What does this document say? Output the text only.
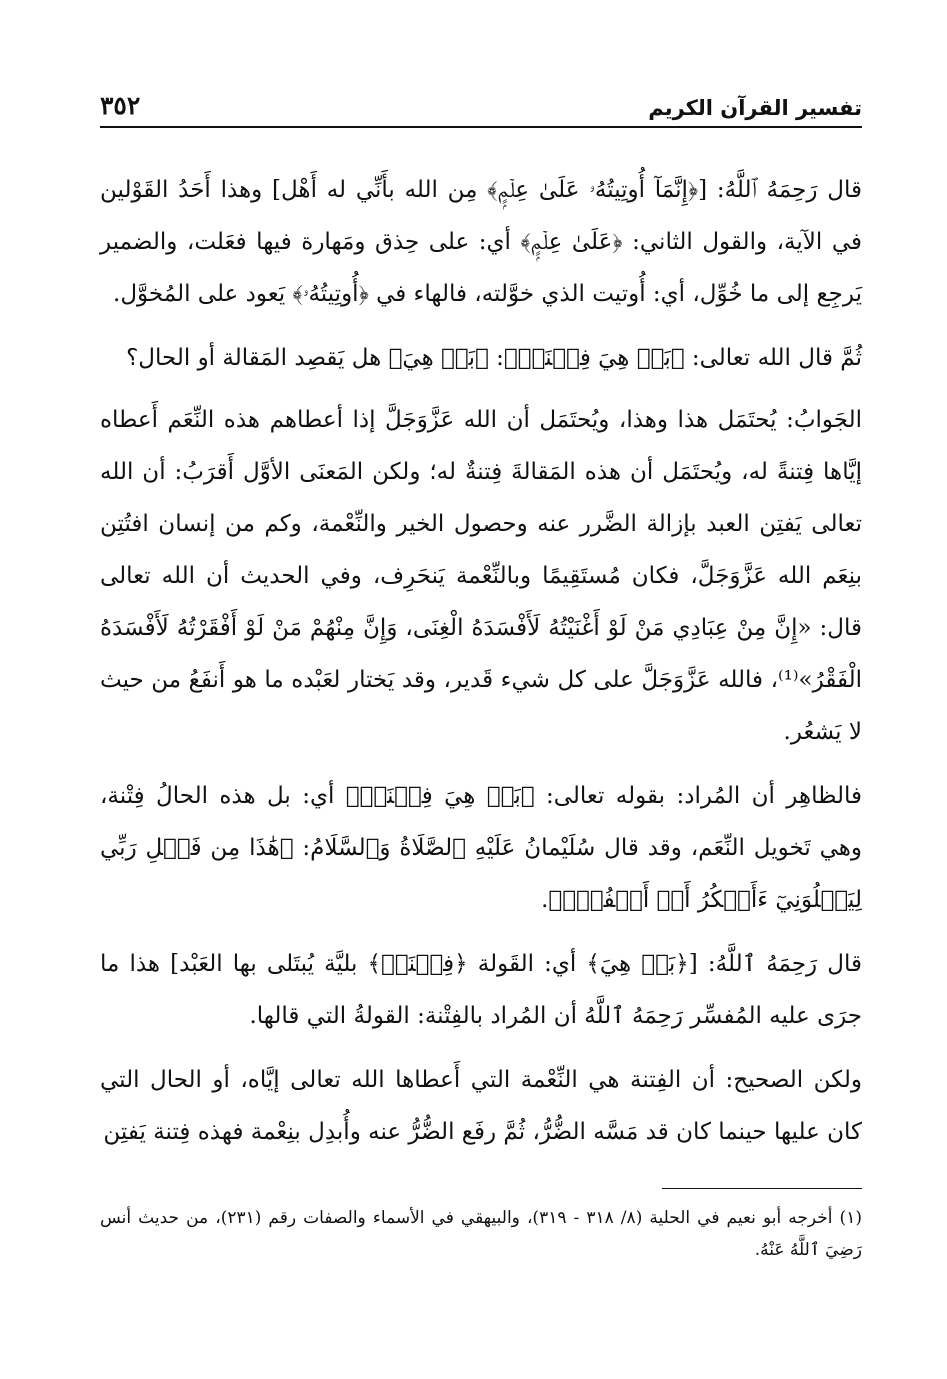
تفسير القرآن الكريم
٣٥٢

قال رَحِمَهُ ٱللَّهُ: [﴿إِنَّمَآ أُوتِيتُهُۥ عَلَىٰ عِلۡمٍۭ﴾ مِن الله بأَنِّي له أَهْل] وهذا أَحَدُ القَوْلين في الآية، والقول الثاني: ﴿عَلَىٰ عِلۡمٍۭ﴾ أي: على حِذق ومَهارة فيها فعَلت، والضمير يَرجِع إلى ما خُوِّل، أي: أُوتيت الذي خوَّلته، فالهاء في ﴿أُوتِيتُهُۥ﴾ يَعود على المُخوَّل.

ثُمَّ قال الله تعالى: ﴿بَلۡ هِيَ فِتۡنَةٞ﴾: ﴿بَلۡ هِيَ﴾ هل يَقصِد المَقالة أو الحال؟

الجَوابُ: يُحتَمَل هذا وهذا، ويُحتَمَل أن الله عَزَّوَجَلَّ إذا أعطاهم هذه النِّعَم أَعطاه إيَّاها فِتنةً له، ويُحتَمَل أن هذه المَقالةَ فِتنةٌ له؛ ولكن المَعنَى الأوَّل أَقرَبُ: أن الله تعالى يَفتِن العبد بإزالة الضَّرر عنه وحصول الخير والنِّعْمة، وكم من إنسان افتُتِن بنِعَم الله عَزَّوَجَلَّ، فكان مُستَقِيمًا وبالنِّعْمة يَنحَرِف، وفي الحديث أن الله تعالى قال: «إِنَّ مِنْ عِبَادِي مَنْ لَوْ أَغْنَيْتُهُ لَأَفْسَدَهُ الْغِنَى، وَإِنَّ مِنْهُمْ مَنْ لَوْ أَفْقَرْتُهُ لَأَفْسَدَهُ الْفَقْرُ»⁽¹⁾، فالله عَزَّوَجَلَّ على كل شيء قَدير، وقد يَختار لعَبْده ما هو أَنفَعُ من حيث لا يَشعُر.

فالظاهِر أن المُراد: بقوله تعالى: ﴿بَلۡ هِيَ فِتۡنَةٞ﴾ أي: بل هذه الحالُ فِتْنة، وهي تَخويل النِّعَم، وقد قال سُلَيْمانُ عَلَيْهِ ٱلصَّلَاةُ وَٱلسَّلَامُ: ﴿هَٰذَا مِن فَضۡلِ رَبِّي لِيَبۡلُوَنِيٓ ءَأَشۡكُرُ أَمۡ أَكۡفُرُۖ﴾.

قال رَحِمَهُ ٱللَّهُ: [﴿بَلۡ هِيَ﴾ أي: القَولة ﴿فِتۡنَةٞ﴾ بليَّة يُبتَلى بها العَبْد] هذا ما جرَى عليه المُفسِّر رَحِمَهُ ٱللَّهُ أن المُراد بالفِتْنة: القولةُ التي قالها.

ولكن الصحيح: أن الفِتنة هي النِّعْمة التي أَعطاها الله تعالى إيَّاه، أو الحال التي كان عليها حينما كان قد مَسَّه الضُّرُّ، ثُمَّ رفَع الضُّرُّ عنه وأُبدِل بنِعْمة فهذه فِتنة يَفتِن

(١) أخرجه أبو نعيم في الحلية (٨/ ٣١٨ - ٣١٩)، والبيهقي في الأسماء والصفات رقم (٢٣١)، من حديث أنس رَضِيَ ٱللَّهُ عَنْهُ.
